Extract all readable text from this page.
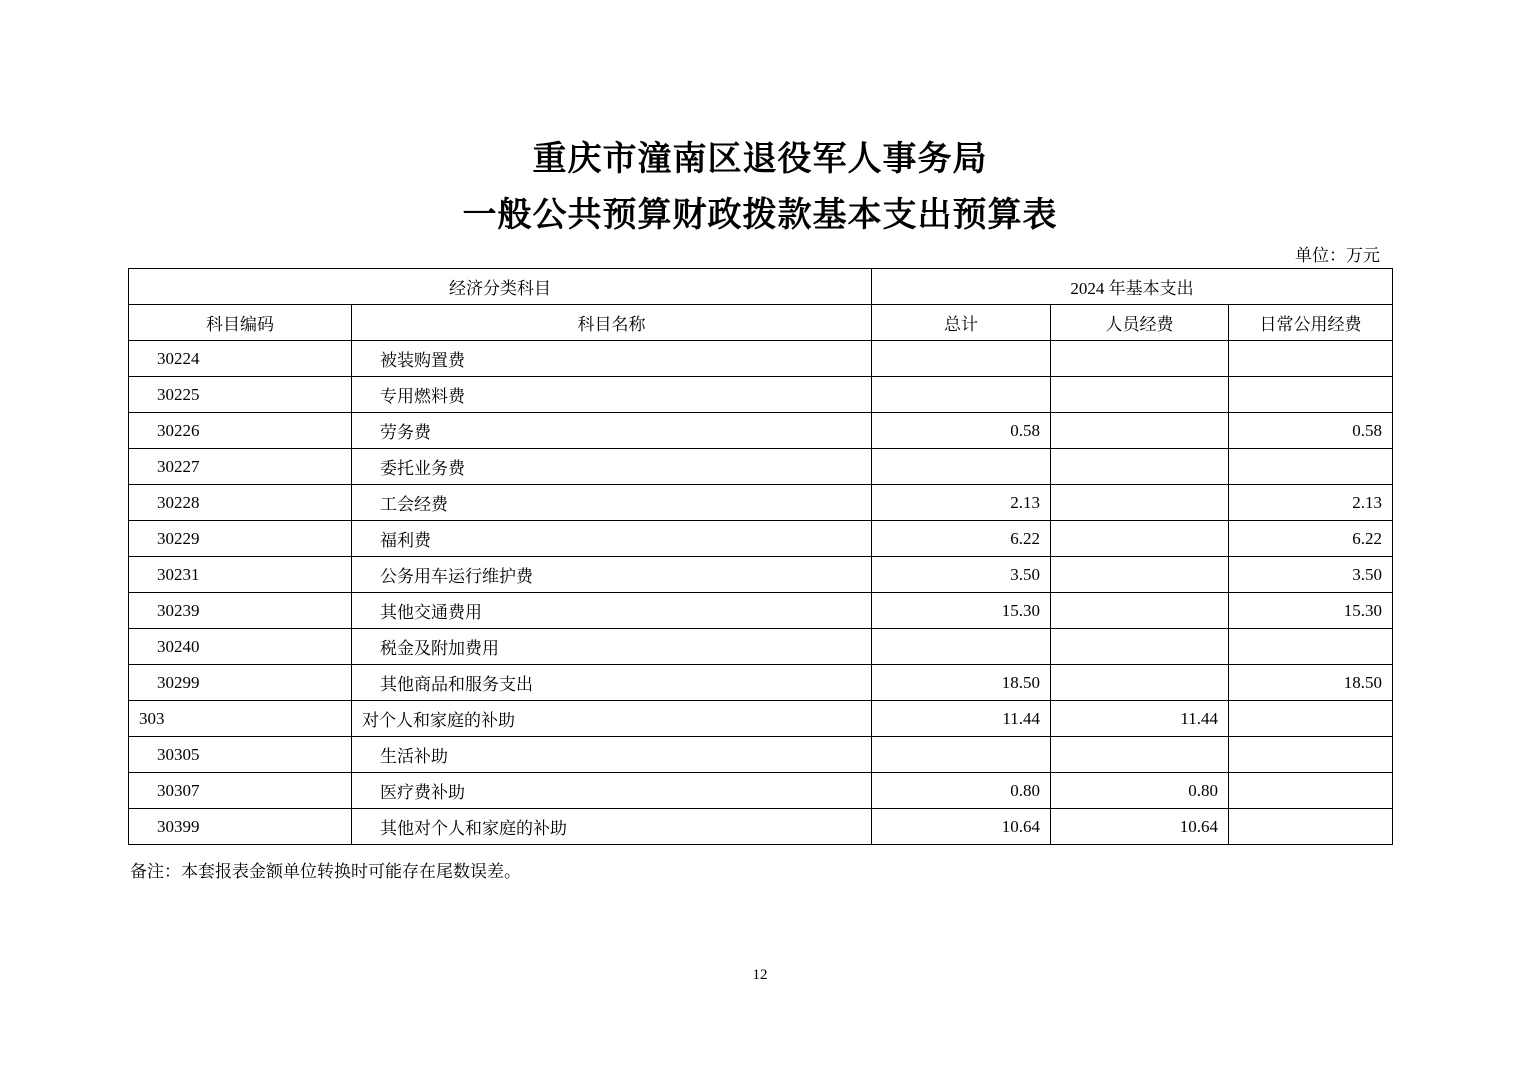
重庆市潼南区退役军人事务局
一般公共预算财政拨款基本支出预算表
单位：万元
经济分类科目		2024 年基本支出		
科目编码	科目名称	总计	人员经费	日常公用经费
30224	被装购置费			
30225	专用燃料费			
30226	劳务费	0.58		0.58
30227	委托业务费			
30228	工会经费	2.13		2.13
30229	福利费	6.22		6.22
30231	公务用车运行维护费	3.50		3.50
30239	其他交通费用	15.30		15.30
30240	税金及附加费用			
30299	其他商品和服务支出	18.50		18.50
303	对个人和家庭的补助	11.44	11.44	
30305	生活补助			
30307	医疗费补助	0.80	0.80	
30399	其他对个人和家庭的补助	10.64	10.64	
备注：本套报表金额单位转换时可能存在尾数误差。
12
